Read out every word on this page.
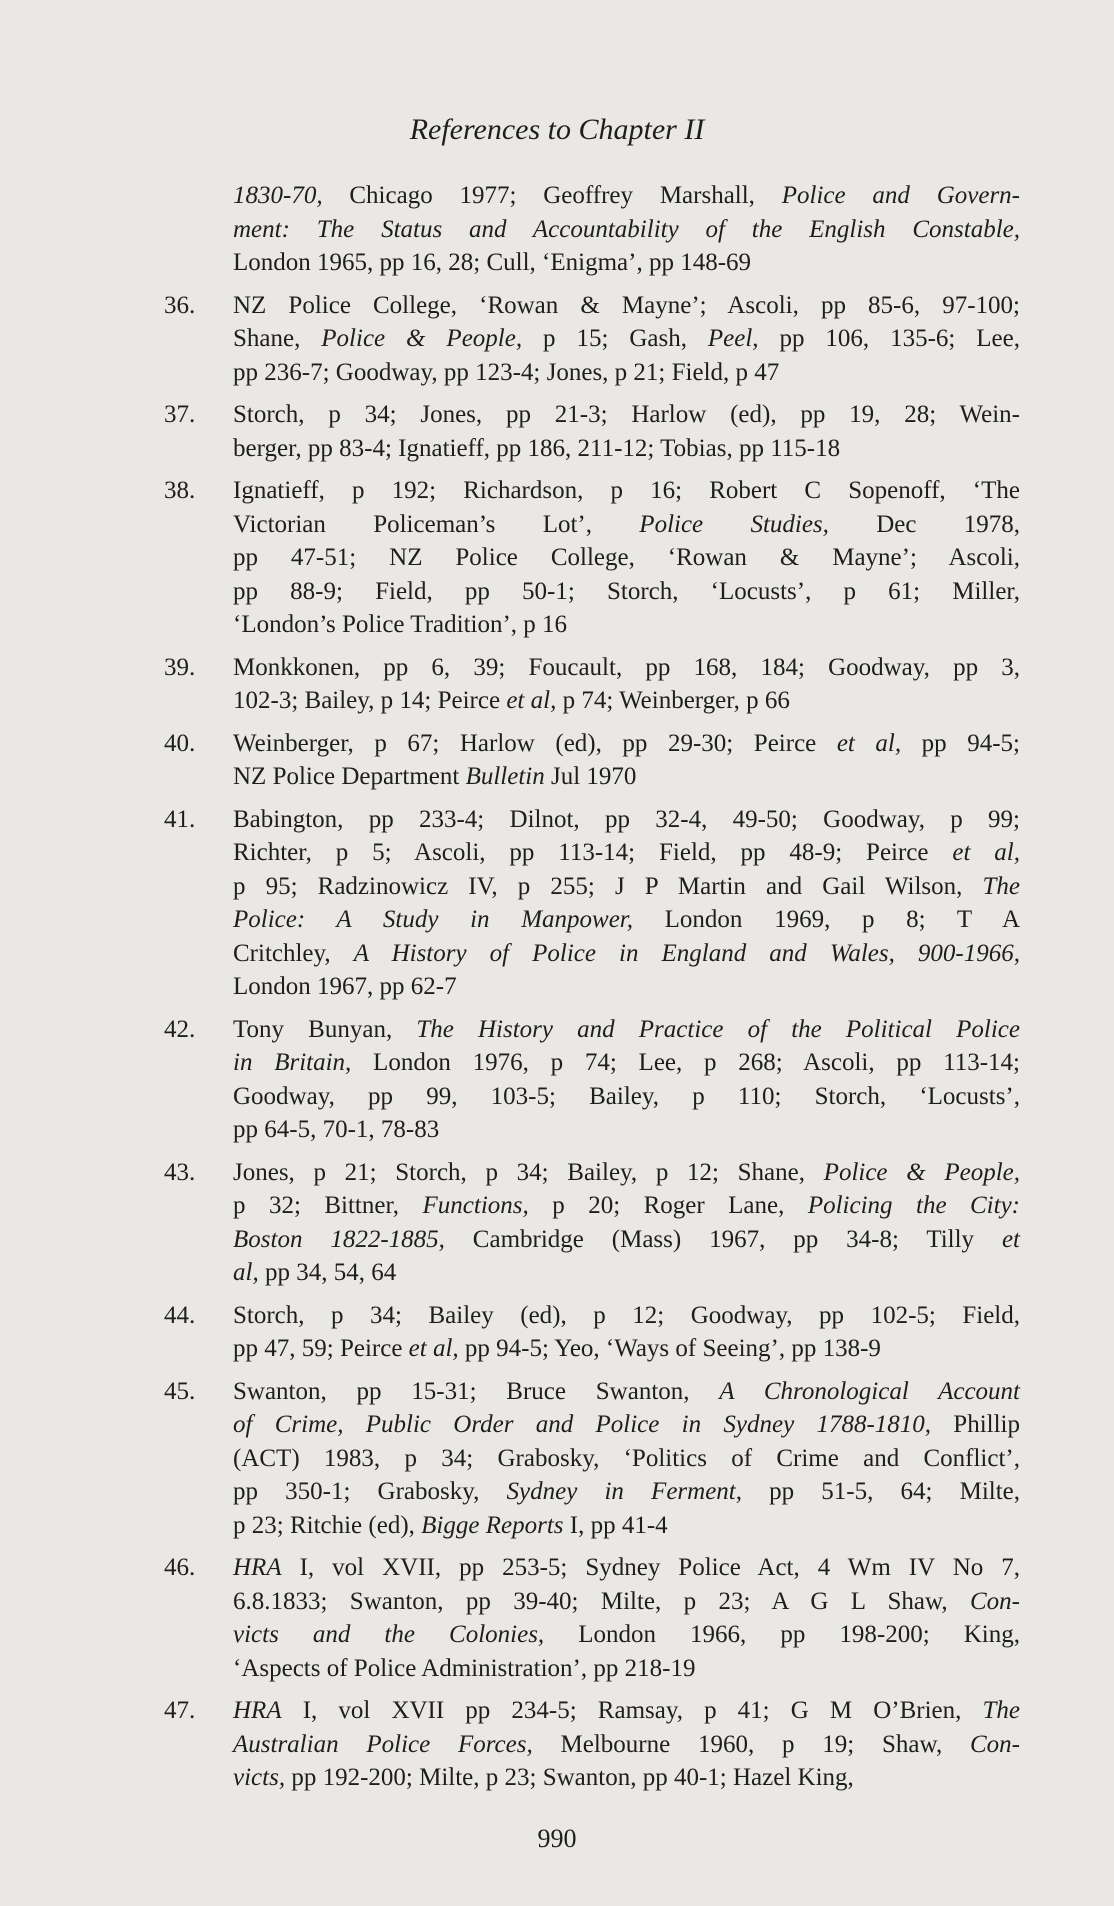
References to Chapter II
1830-70, Chicago 1977; Geoffrey Marshall, Police and Govern-
ment: The Status and Accountability of the English Constable,
London 1965, pp 16, 28; Cull, ‘Enigma’, pp 148-69
36.	NZ Police College, ‘Rowan & Mayne’; Ascoli, pp 85-6, 97-100;
Shane, Police & People, p 15; Gash, Peel, pp 106, 135-6; Lee,
pp 236-7; Goodway, pp 123-4; Jones, p 21; Field, p 47
37.	Storch, p 34; Jones, pp 21-3; Harlow (ed), pp 19, 28; Wein-
berger, pp 83-4; Ignatieff, pp 186, 211-12; Tobias, pp 115-18
38.	Ignatieff, p 192; Richardson, p 16; Robert C Sopenoff, ‘The
Victorian Policeman’s Lot’, Police Studies, Dec 1978,
pp 47-51; NZ Police College, ‘Rowan & Mayne’; Ascoli,
pp 88-9; Field, pp 50-1; Storch, ‘Locusts’, p 61; Miller,
‘London’s Police Tradition’, p 16
39.	Monkkonen, pp 6, 39; Foucault, pp 168, 184; Goodway, pp 3,
102-3; Bailey, p 14; Peirce et al, p 74; Weinberger, p 66
40.	Weinberger, p 67; Harlow (ed), pp 29-30; Peirce et al, pp 94-5;
NZ Police Department Bulletin Jul 1970
41.	Babington, pp 233-4; Dilnot, pp 32-4, 49-50; Goodway, p 99;
Richter, p 5; Ascoli, pp 113-14; Field, pp 48-9; Peirce et al,
p 95; Radzinowicz IV, p 255; J P Martin and Gail Wilson, The
Police: A Study in Manpower, London 1969, p 8; T A
Critchley, A History of Police in England and Wales, 900-1966,
London 1967, pp 62-7
42.	Tony Bunyan, The History and Practice of the Political Police
in Britain, London 1976, p 74; Lee, p 268; Ascoli, pp 113-14;
Goodway, pp 99, 103-5; Bailey, p 110; Storch, ‘Locusts’,
pp 64-5, 70-1, 78-83
43.	Jones, p 21; Storch, p 34; Bailey, p 12; Shane, Police & People,
p 32; Bittner, Functions, p 20; Roger Lane, Policing the City:
Boston 1822-1885, Cambridge (Mass) 1967, pp 34-8; Tilly et
al, pp 34, 54, 64
44.	Storch, p 34; Bailey (ed), p 12; Goodway, pp 102-5; Field,
pp 47, 59; Peirce et al, pp 94-5; Yeo, ‘Ways of Seeing’, pp 138-9
45.	Swanton, pp 15-31; Bruce Swanton, A Chronological Account
of Crime, Public Order and Police in Sydney 1788-1810, Phillip
(ACT) 1983, p 34; Grabosky, ‘Politics of Crime and Conflict’,
pp 350-1; Grabosky, Sydney in Ferment, pp 51-5, 64; Milte,
p 23; Ritchie (ed), Bigge Reports I, pp 41-4
46.	HRA I, vol XVII, pp 253-5; Sydney Police Act, 4 Wm IV No 7,
6.8.1833; Swanton, pp 39-40; Milte, p 23; A G L Shaw, Con-
victs and the Colonies, London 1966, pp 198-200; King,
‘Aspects of Police Administration’, pp 218-19
47.	HRA I, vol XVII pp 234-5; Ramsay, p 41; G M O’Brien, The
Australian Police Forces, Melbourne 1960, p 19; Shaw, Con-
victs, pp 192-200; Milte, p 23; Swanton, pp 40-1; Hazel King,
990
